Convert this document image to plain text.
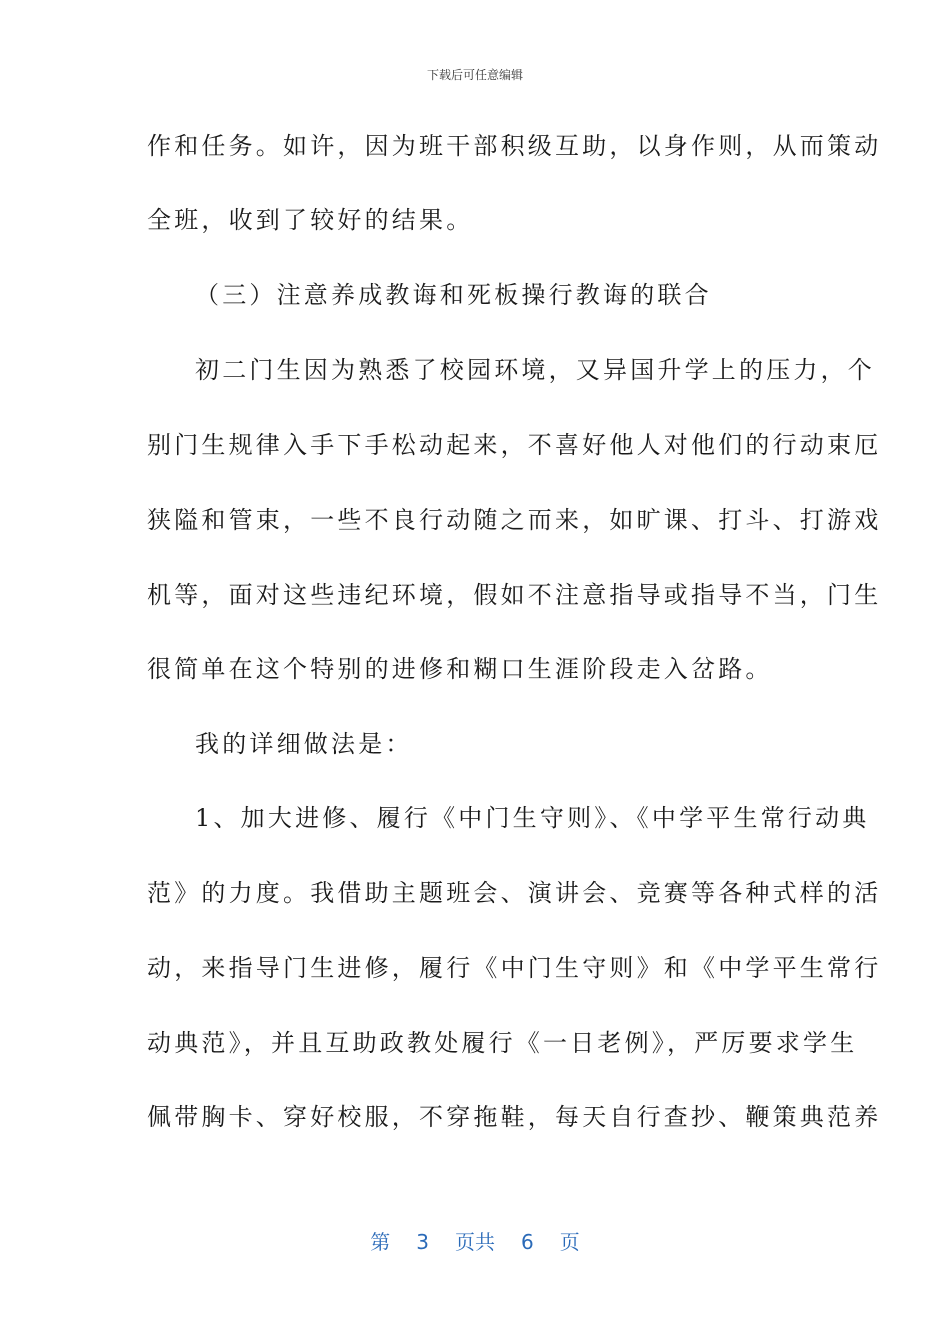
下载后可任意编辑
作和任务。如许，因为班干部积级互助，以身作则，从而策动
全班，收到了较好的结果。
（三）注意养成教诲和死板操行教诲的联合
初二门生因为熟悉了校园环境，又异国升学上的压力，个
别门生规律入手下手松动起来，不喜好他人对他们的行动束厄
狭隘和管束，一些不良行动随之而来，如旷课、打斗、打游戏
机等，面对这些违纪环境，假如不注意指导或指导不当，门生
很简单在这个特别的进修和糊口生涯阶段走入岔路。
我的详细做法是：
1、加大进修、履行《中门生守则》、《中学平生常行动典
范》的力度。我借助主题班会、演讲会、竞赛等各种式样的活
动，来指导门生进修，履行《中门生守则》和《中学平生常行
动典范》，并且互助政教处履行《一日老例》，严厉要求学生
佩带胸卡、穿好校服，不穿拖鞋，每天自行查抄、鞭策典范养
第 3 页共 6 页
